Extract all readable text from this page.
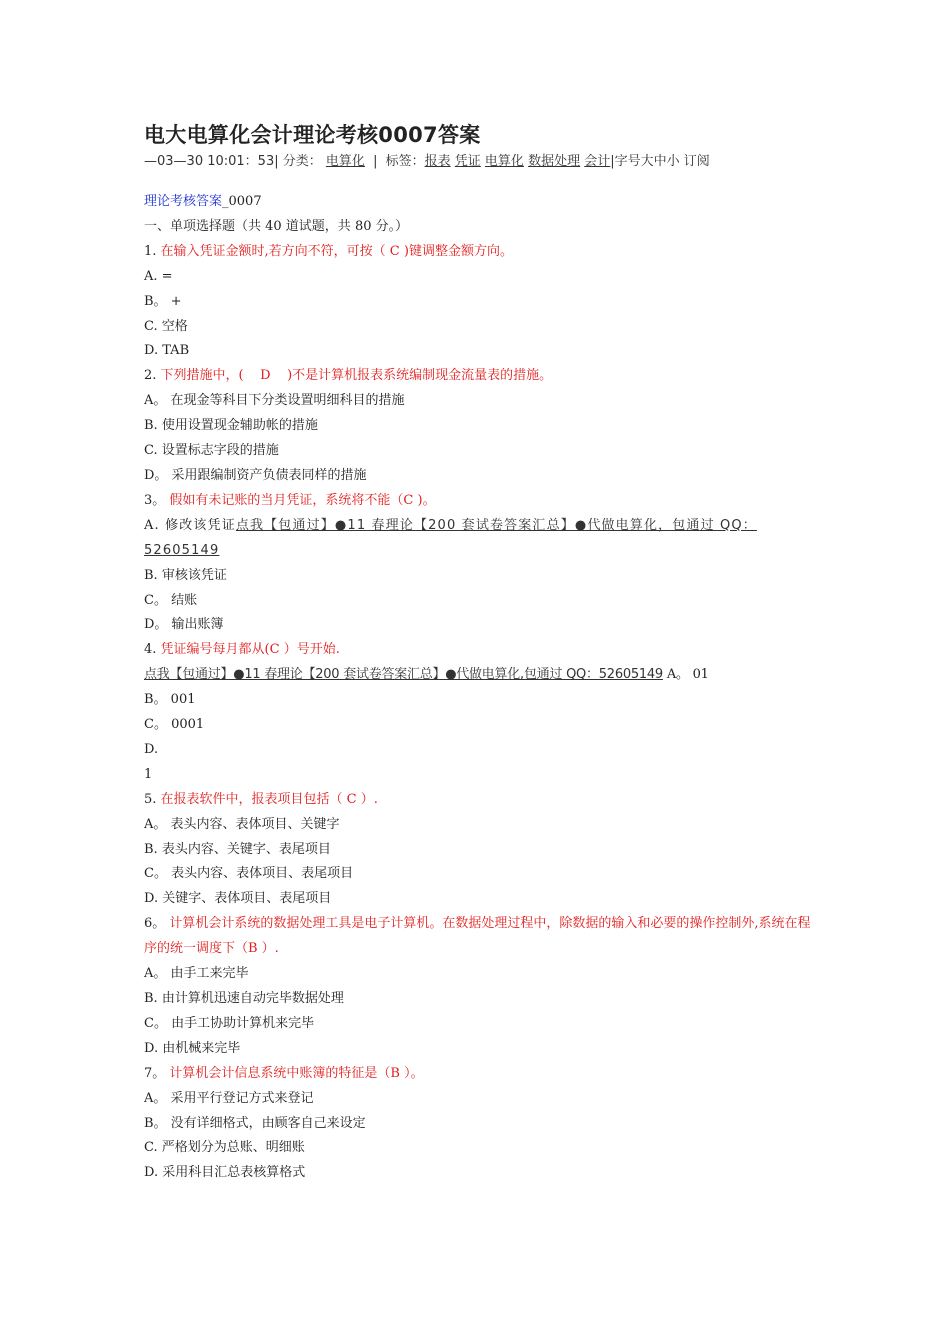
电大电算化会计理论考核0007答案
—03—30 10:01：53| 分类： 电算化 | 标签：报表 凭证 电算化 数据处理 会计|字号大中小 订阅
理论考核答案_0007
一、单项选择题（共 40 道试题，共 80 分。）
1. 在输入凭证金额时,若方向不符，可按（ C )键调整金额方向。
A. =
B。 +
C. 空格
D. TAB
2. 下列措施中，(    D    )不是计算机报表系统编制现金流量表的措施。
A。 在现金等科目下分类设置明细科目的措施
B. 使用设置现金辅助帐的措施
C. 设置标志字段的措施
D。 采用跟编制资产负债表同样的措施
3。 假如有未记账的当月凭证，系统将不能（C )。
A. 修改该凭证点我【包通过】●11 春理论【200 套试卷答案汇总】●代做电算化，包通过 QQ：52605149
B. 审核该凭证
C。 结账
D。 输出账簿
4. 凭证编号每月都从(C ）号开始.
点我【包通过】●11 春理论【200 套试卷答案汇总】●代做电算化,包通过 QQ：52605149 A。 01
B。 001
C。 0001
D.
1
5. 在报表软件中，报表项目包括（ C ）.
A。 表头内容、表体项目、关键字
B. 表头内容、关键字、表尾项目
C。 表头内容、表体项目、表尾项目
D. 关键字、表体项目、表尾项目
6。 计算机会计系统的数据处理工具是电子计算机。在数据处理过程中，除数据的输入和必要的操作控制外,系统在程序的统一调度下（B ）.
A。 由手工来完毕
B. 由计算机迅速自动完毕数据处理
C。 由手工协助计算机来完毕
D. 由机械来完毕
7。 计算机会计信息系统中账簿的特征是（B ）。
A。 采用平行登记方式来登记
B。 没有详细格式，由顾客自己来设定
C. 严格划分为总账、明细账
D. 采用科目汇总表核算格式
